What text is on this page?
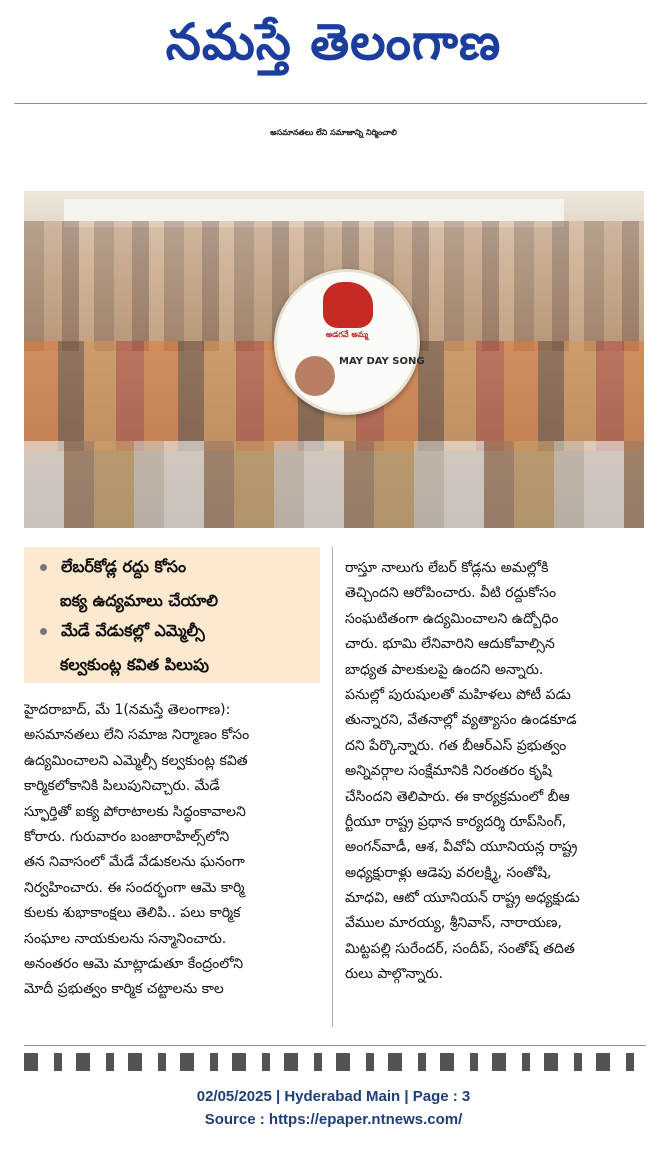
నమస్తే తెలంగాణ
అసమానతలు లేని సమాజాన్ని నిర్మించాలి
అడగవే అమ్మ
MAY DAY SONG
లేబర్‌కోడ్ల రద్దు కోసం
ఐక్య ఉద్యమాలు చేయాలి
మేడే వేడుకల్లో ఎమ్మెల్సీ
కల్వకుంట్ల కవిత పిలుపు
హైదరాబాద్, మే 1(నమస్తే తెలంగాణ):
అసమానతలు లేని సమాజ నిర్మాణం కోసం
ఉద్యమించాలని ఎమ్మెల్సీ కల్వకుంట్ల కవిత
కార్మికలోకానికి పిలుపునిచ్చారు. మేడే
స్ఫూర్తితో ఐక్య పోరాటాలకు సిద్ధంకావాలని
కోరారు. గురువారం బంజారాహిల్స్‌లోని
తన నివాసంలో మేడే వేడుకలను ఘనంగా
నిర్వహించారు. ఈ సందర్భంగా ఆమె కార్మి
కులకు శుభాకాంక్షలు తెలిపి.. పలు కార్మిక
సంఘాల నాయకులను సన్మానించారు.
అనంతరం ఆమె మాట్లాడుతూ కేంద్రంలోని
మోదీ ప్రభుత్వం కార్మిక చట్టాలను కాల
రాస్తూ నాలుగు లేబర్ కోడ్లను అమల్లోకి
తెచ్చిందని ఆరోపించారు. వీటి రద్దుకోసం
సంఘటితంగా ఉద్యమించాలని ఉద్బోధిం
చారు. భూమి లేనివారిని ఆదుకోవాల్సిన
బాధ్యత పాలకులపై ఉందని అన్నారు.
పనుల్లో పురుషులతో మహిళలు పోటీ పడు
తున్నారని, వేతనాల్లో వ్యత్యాసం ఉండకూడ
దని పేర్కొన్నారు. గత బీఆర్‌ఎస్ ప్రభుత్వం
అన్నివర్గాల సంక్షేమానికి నిరంతరం కృషి
చేసిందని తెలిపారు. ఈ కార్యక్రమంలో బీఆ
ర్టీయూ రాష్ట్ర ప్రధాన కార్యదర్శి రూప్‌సింగ్,
అంగన్‌వాడీ, ఆశ, వీవోఏ యూనియన్ల రాష్ట్ర
అధ్యక్షురాళ్లు ఆడెపు వరలక్ష్మి, సంతోషి,
మాధవి, ఆటో యూనియన్ రాష్ట్ర అధ్యక్షుడు
వేముల మారయ్య, శ్రీనివాస్, నారాయణ,
మిట్టపల్లి సురేందర్, సందీప్, సంతోష్ తదిత
రులు పాల్గొన్నారు.
02/05/2025 | Hyderabad Main | Page : 3
Source : https://epaper.ntnews.com/
